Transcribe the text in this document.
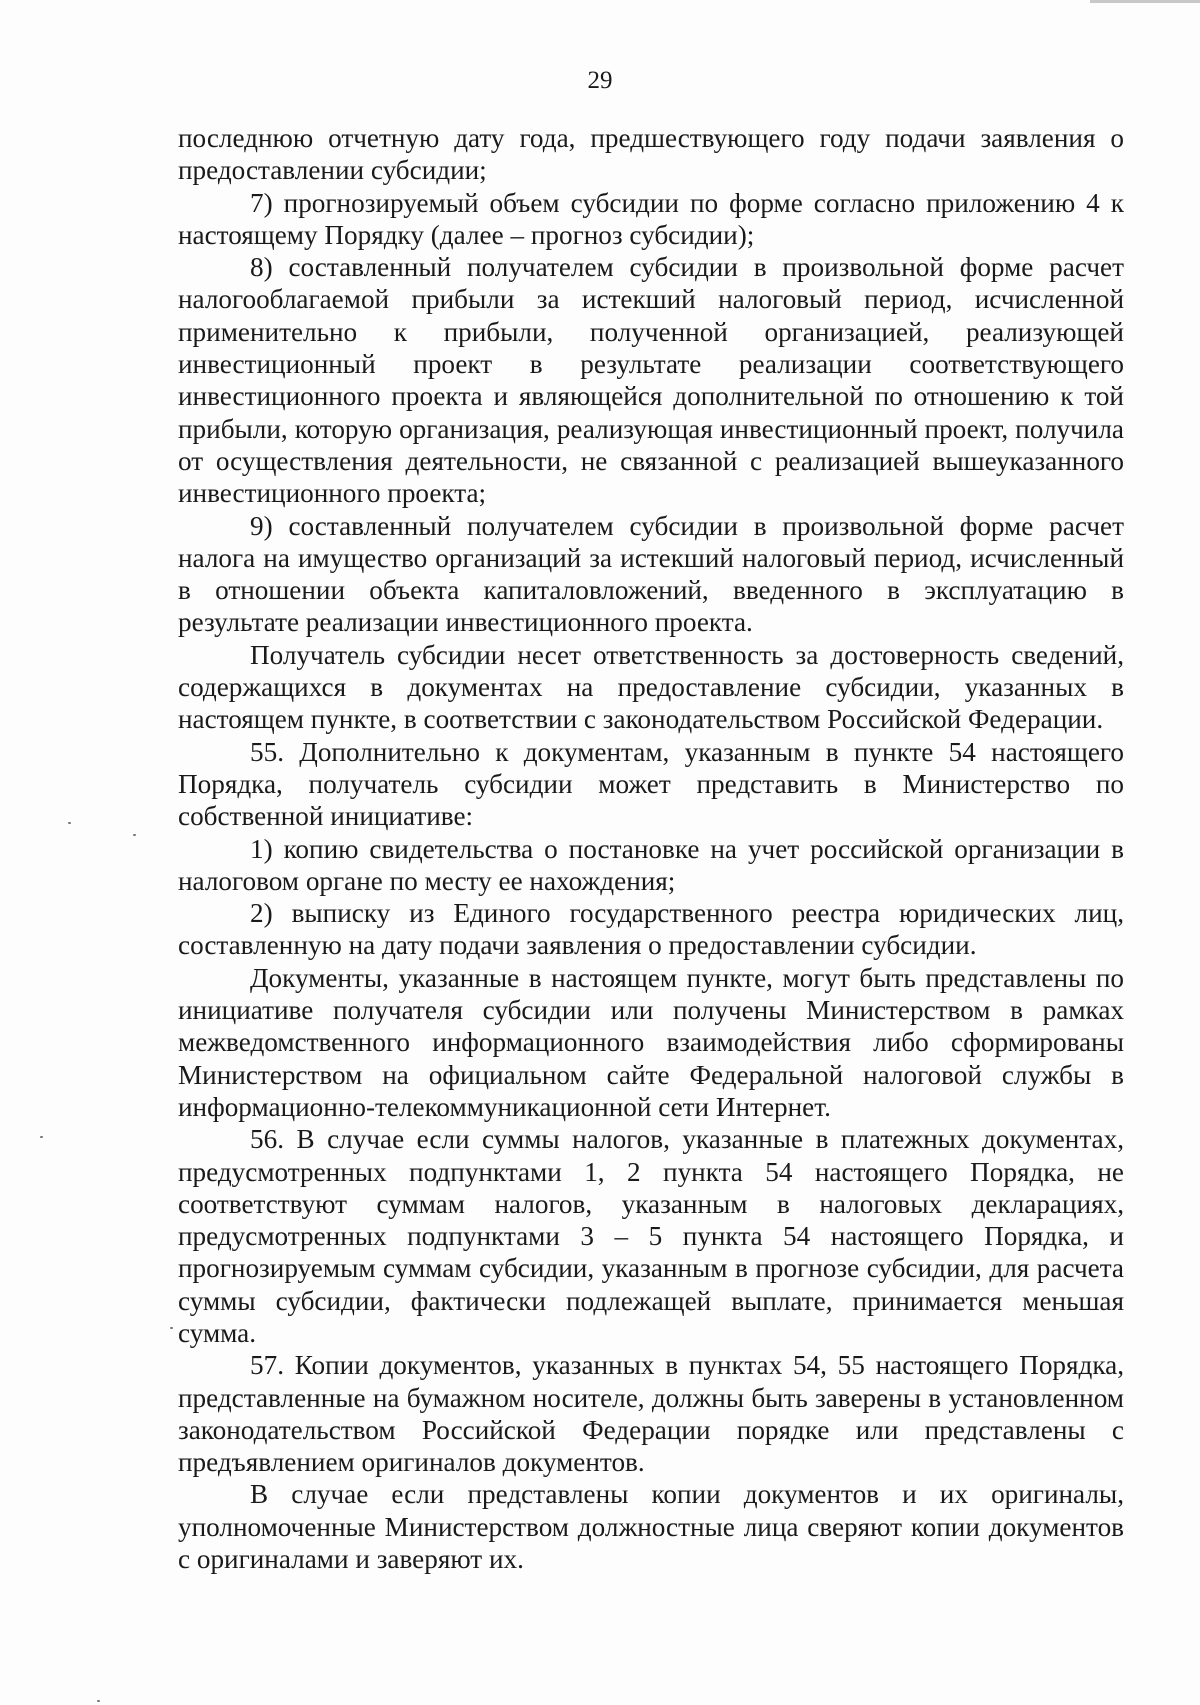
29

последнюю отчетную дату года, предшествующего году подачи заявления о предоставлении субсидии;

7) прогнозируемый объем субсидии по форме согласно приложению 4 к настоящему Порядку (далее – прогноз субсидии);

8) составленный получателем субсидии в произвольной форме расчет налогооблагаемой прибыли за истекший налоговый период, исчисленной применительно к прибыли, полученной организацией, реализующей инвестиционный проект в результате реализации соответствующего инвестиционного проекта и являющейся дополнительной по отношению к той прибыли, которую организация, реализующая инвестиционный проект, получила от осуществления деятельности, не связанной с реализацией вышеуказанного инвестиционного проекта;

9) составленный получателем субсидии в произвольной форме расчет налога на имущество организаций за истекший налоговый период, исчисленный в отношении объекта капиталовложений, введенного в эксплуатацию в результате реализации инвестиционного проекта.

Получатель субсидии несет ответственность за достоверность сведений, содержащихся в документах на предоставление субсидии, указанных в настоящем пункте, в соответствии с законодательством Российской Федерации.

55. Дополнительно к документам, указанным в пункте 54 настоящего Порядка, получатель субсидии может представить в Министерство по собственной инициативе:

1) копию свидетельства о постановке на учет российской организации в налоговом органе по месту ее нахождения;

2) выписку из Единого государственного реестра юридических лиц, составленную на дату подачи заявления о предоставлении субсидии.

Документы, указанные в настоящем пункте, могут быть представлены по инициативе получателя субсидии или получены Министерством в рамках межведомственного информационного взаимодействия либо сформированы Министерством на официальном сайте Федеральной налоговой службы в информационно-телекоммуникационной сети Интернет.

56. В случае если суммы налогов, указанные в платежных документах, предусмотренных подпунктами 1, 2 пункта 54 настоящего Порядка, не соответствуют суммам налогов, указанным в налоговых декларациях, предусмотренных подпунктами 3 – 5 пункта 54 настоящего Порядка, и прогнозируемым суммам субсидии, указанным в прогнозе субсидии, для расчета суммы субсидии, фактически подлежащей выплате, принимается меньшая сумма.

57. Копии документов, указанных в пунктах 54, 55 настоящего Порядка, представленные на бумажном носителе, должны быть заверены в установленном законодательством Российской Федерации порядке или представлены с предъявлением оригиналов документов.

В случае если представлены копии документов и их оригиналы, уполномоченные Министерством должностные лица сверяют копии документов с оригиналами и заверяют их.
